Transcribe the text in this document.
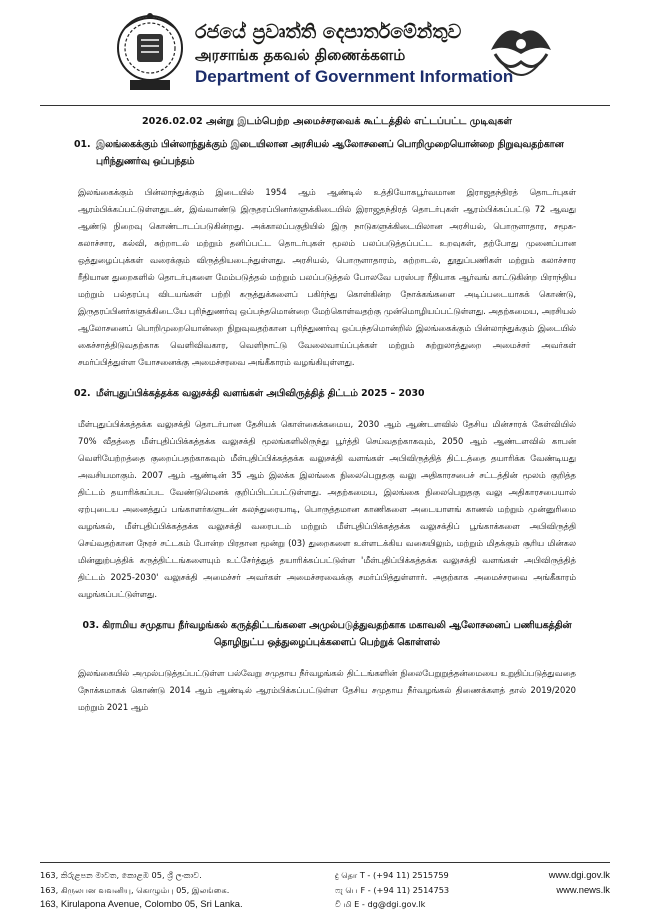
රජයේ ප්‍රවෘත්ති දෙපාර්තමේන්තුව
அரசாங்க தகவல் திணைக்களம்
Department of Government Information
2026.02.02 அன்று இடம்பெற்ற அமைச்சரவைக் கூட்டத்தில் எட்டப்பட்ட முடிவுகள்
01. இலங்கைக்கும் பின்லாந்துக்கும் இடையிலான அரசியல் ஆலோசனைப் பொறிமுறையொன்றை நிறுவுவதற்கான புரிந்துணர்வு ஒப்பந்தம்

இலங்கைக்கும் பின்லாந்துக்கும் இடையில் 1954 ஆம் ஆண்டில் உத்தியோகபூர்வமான இராஜதந்திரத் தொடர்புகள் ஆரம்பிக்கப்பட்டுள்ளதுடன், இவ்வாண்டு இருதரப்பினர்களுக்கிடையில் இராஜதந்திரத் தொடர்புகள் ஆரம்பிக்கப்பட்டு 72 ஆவது ஆண்டு நிறைவு கொண்டாடப்படுகின்றது. அக்காலப்பகுதியில் இரு நாடுகளுக்கிடையிலான அரசியல், பொருளாதார, சமூக- கலாச்சார, கல்வி, சுற்றாடல் மற்றும் தனிப்பட்ட தொடர்புகள் மூலம் பலப்படுத்தப்பட்ட உறவுகள், தற்போது முனைப்பான ஒத்துழைப்புக்கள் வரைக்கும் விருத்தியடைந்துள்ளது. அரசியல், பொருளாதாரம், சுற்றாடல், தூதுப்பணிகள் மற்றும் கலாச்சார ரீதியான துறைகளில் தொடர்புகளை மேம்படுத்தல் மற்றும் பலப்படுத்தல் போலவே பரஸ்பர ரீதியாக ஆர்வங் காட்டுகின்ற பிராந்திய மற்றும் பல்தரப்பு விடயங்கள் பற்றி கருத்துக்களைப் பகிர்ந்து கொள்கின்ற நோக்கங்களை அடிப்படையாகக் கொண்டு, இருதரப்பினர்களுக்கிடையே புரிந்துணர்வு ஒப்பந்தமொன்றை மேற்கொள்வதற்கு முன்மொழியப்பட்டுள்ளது. அதற்கமைய, அரசியல் ஆலோசனைப் பொறிமுறையொன்றை நிறுவுவதற்கான புரிந்துணர்வு ஒப்பந்தமொன்றில் இலங்கைக்கும் பின்லாந்துக்கும் இடையில் கைச்சாத்திடுவதற்காக வெளிவிவகார, வெளிநாட்டு வேலைவாய்ப்புக்கள் மற்றும் சுற்றுலாத்துறை அமைச்சர் அவர்கள் சமர்ப்பித்துள்ள யோசனைக்கு அமைச்சரவை அங்கீகாரம் வழங்கியுள்ளது.

02. மீள்புதுப்பிக்கத்தக்க வலுசக்தி வளங்கள் அபிவிருத்தித் திட்டம் 2025 – 2030

மீள்புதுப்பிக்கத்தக்க வலுசக்தி தொடர்பான தேசியக் கொள்கைக்கமைய, 2030 ஆம் ஆண்டளவில் தேசிய மின்சாரக் கேள்வியில் 70% வீதத்தை மீள்புதிப்பிக்கத்தக்க வலுசக்தி மூலங்களிலிருந்து பூர்த்தி செய்வதற்காகவும், 2050 ஆம் ஆண்டளவில் காபன் வெளியேற்றத்தை குறைப்பதற்காகவும் மீள்புதிப்பிக்கத்தக்க வலுசக்தி வளங்கள் அபிவிருத்தித் திட்டத்தை தயாரிக்க வேண்டியது அவசியமாகும். 2007 ஆம் ஆண்டின் 35 ஆம் இலக்க இலங்கை நிலைபெறுதகு வலு அதிகாரசபைச் சட்டத்தின் மூலம் குறித்த திட்டம் தயாரிக்கப்பட வேண்டுமெனக் குறிப்பிடப்பட்டுள்ளது. அதற்கமைய, இலங்கை நிலைபெறுதகு வலு அதிகாரசபையால் ஏற்புடைய அனைத்துப் பங்காளர்களுடன் கலந்துரையாடி, பொருத்தமான காணிகளை அடையாளங் காணல் மற்றும் முன்னுரிமை வழங்கல், மீள்புதிப்பிக்கத்தக்க வலுசக்தி வரைபடம் மற்றும் மீள்புதிப்பிக்கத்தக்க வலுசக்திப் பூங்காக்களை அபிவிருத்தி செய்வதற்கான நேரச் சட்டகம் போன்ற பிரதான மூன்று (03) துறைகளை உள்ளடக்கிய வகையிலும், மற்றும் மிதக்கும் சூரிய மின்கல மின்னுற்பத்திக் கருத்திட்டங்களையும் உட்சேர்த்துத் தயாரிக்கப்பட்டுள்ள 'மீள்புதிப்பிக்கத்தக்க வலுசக்தி வளங்கள் அபிவிருத்தித் திட்டம் 2025-2030' வலுசக்தி அமைச்சர் அவர்கள் அமைச்சரவைக்கு சமர்ப்பித்துள்ளார். அதற்காக அமைச்சரவை அங்கீகாரம் வழங்கப்பட்டுள்ளது.

03. கிராமிய சமுதாய நீர்வழங்கல் கருத்திட்டங்களை அமுல்படுத்துவதற்காக மகாவலி ஆலோசனைப் பணியகத்தின் தொழிநுட்ப ஒத்துழைப்புக்களைப் பெற்றுக் கொள்ளல்

இலங்கையில் அமுல்படுத்தப்பட்டுள்ள பல்வேறு சமுதாய நீர்வழங்கல் திட்டங்களின் நிலைபேறுறுத்தன்மையை உறுதிப்படுத்துவதை நோக்கமாகக் கொண்டு 2014 ஆம் ஆண்டில் ஆரம்பிக்கப்பட்டுள்ள தேசிய சமுதாய நீர்வழங்கல் திணைக்களத் தால் 2019/2020 மற்றும் 2021 ஆம்

163, කිරුළපන මාවත, කොළඹ 05, ශ්‍රී ලංකාව.
163, கிருலபன வவனியு, கொழும்பு 05, இலங்கை.
163, Kirulapona Avenue, Colombo 05, Sri Lanka.
දු தொ T - (+94 11) 2515759
ෆැ பெ F - (+94 11) 2514753
වි மி E - dg@dgi.gov.lk
www.dgi.gov.lk
www.news.lk
